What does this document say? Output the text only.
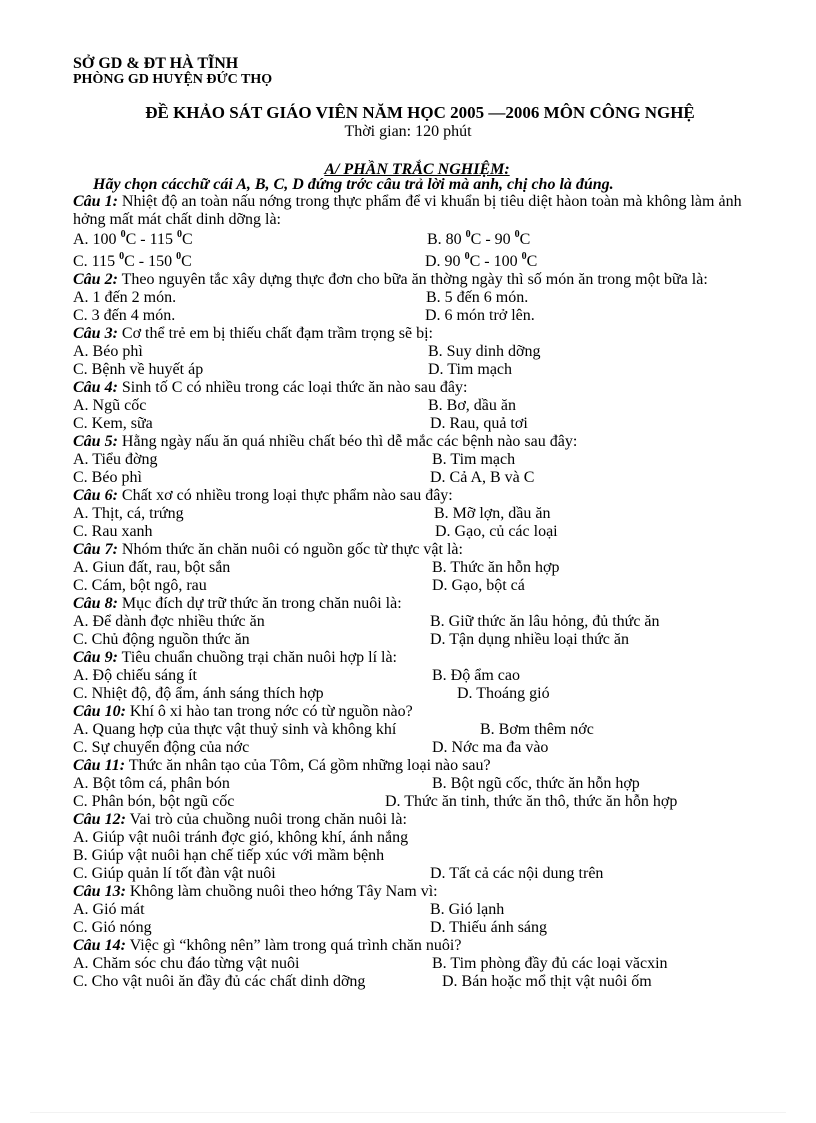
SỞ GD & ĐT HÀ TĨNH
PHÒNG GD HUYỆN ĐỨC THỌ
ĐỀ KHẢO SÁT GIÁO VIÊN NĂM HỌC 2005 —2006 MÔN CÔNG NGHỆ
Thời gian: 120 phút
A/ PHẦN TRẮC NGHIỆM:
Hãy chọn cácchữ cái A, B, C, D đứng trớc câu trả lời mà anh, chị cho là đúng.
Câu 1: Nhiệt độ an toàn nấu nớng trong thực phẩm để vi khuẩn bị tiêu diệt hàon toàn mà không làm ảnh hởng mất mát chất dinh dỡng là:
A. 100 $^0$C - 115 $^0$C	B. 80 $^0$C - 90 $^0$C
C. 115 $^0$C - 150 $^0$C	D. 90 $^0$C - 100 $^0$C
Câu 2: Theo nguyên tắc xây dựng thực đơn cho bữa ăn thờng ngày thì số món ăn trong một bữa là:
A. 1 đến 2 món.	B. 5 đến 6 món.
C. 3 đến 4 món.	D. 6 món trở lên.
Câu 3: Cơ thể trẻ em bị thiếu chất đạm trầm trọng sẽ bị:
A. Béo phì	B. Suy dinh dỡng
C. Bệnh về huyết áp	D. Tim mạch
Câu 4: Sinh tố C có nhiều trong các loại thức ăn nào sau đây:
A. Ngũ cốc	B. Bơ, dầu ăn
C. Kem, sữa	D. Rau, quả tơi
Câu 5: Hằng ngày nấu ăn quá nhiều chất béo thì dễ mắc các bệnh nào sau đây:
A. Tiểu đờng	B. Tim mạch
C. Béo phì	D. Cả A, B và C
Câu 6: Chất xơ có nhiều trong loại thực phẩm nào sau đây:
A. Thịt, cá, trứng	B. Mỡ lợn, dầu ăn
C. Rau xanh	D. Gạo, củ các loại
Câu 7: Nhóm thức ăn chăn nuôi có nguồn gốc từ thực vật là:
A. Giun đất, rau, bột sắn	B. Thức ăn hỗn hợp
C. Cám, bột ngô, rau	D. Gạo, bột cá
Câu 8: Mục đích dự trữ thức ăn trong chăn nuôi là:
A. Để dành đợc nhiều thức ăn	B. Giữ thức ăn lâu hỏng, đủ thức ăn
C. Chủ động nguồn thức ăn	D. Tận dụng nhiều loại thức ăn
Câu 9: Tiêu chuẩn chuồng trại chăn nuôi hợp lí là:
A. Độ chiếu sáng ít	B. Độ ẩm cao
C. Nhiệt độ, độ ẩm, ánh sáng thích hợp	D. Thoáng gió
Câu 10: Khí ô xi hào tan trong nớc có từ nguồn nào?
A. Quang hợp của thực vật thuỷ sinh và không khí	B. Bơm thêm nớc
C. Sự chuyển động của nớc	D. Nớc ma đa vào
Câu 11: Thức ăn nhân tạo của Tôm, Cá gồm những loại nào sau?
A. Bột tôm cá, phân bón	B. Bột ngũ cốc, thức ăn hỗn hợp
C. Phân bón, bột ngũ cốc	D. Thức ăn tinh, thức ăn thô, thức ăn hỗn hợp
Câu 12: Vai trò của chuồng nuôi trong chăn nuôi là:
A. Giúp vật nuôi tránh đợc gió, không khí, ánh nắng
B. Giúp vật nuôi hạn chế tiếp xúc với mầm bệnh
C. Giúp quản lí tốt đàn vật nuôi	D. Tất cả các nội dung trên
Câu 13: Không làm chuồng nuôi theo hớng Tây Nam vì:
A. Gió mát	B. Gió lạnh
C. Gió nóng	D. Thiếu ánh sáng
Câu 14: Việc gì “không nên” làm trong quá trình chăn nuôi?
A. Chăm sóc chu đáo từng vật nuôi	B. Tim phòng đầy đủ các loại văcxin
C. Cho vật nuôi ăn đầy đủ các chất dinh dỡng	D. Bán hoặc mổ thịt vật nuôi ốm
